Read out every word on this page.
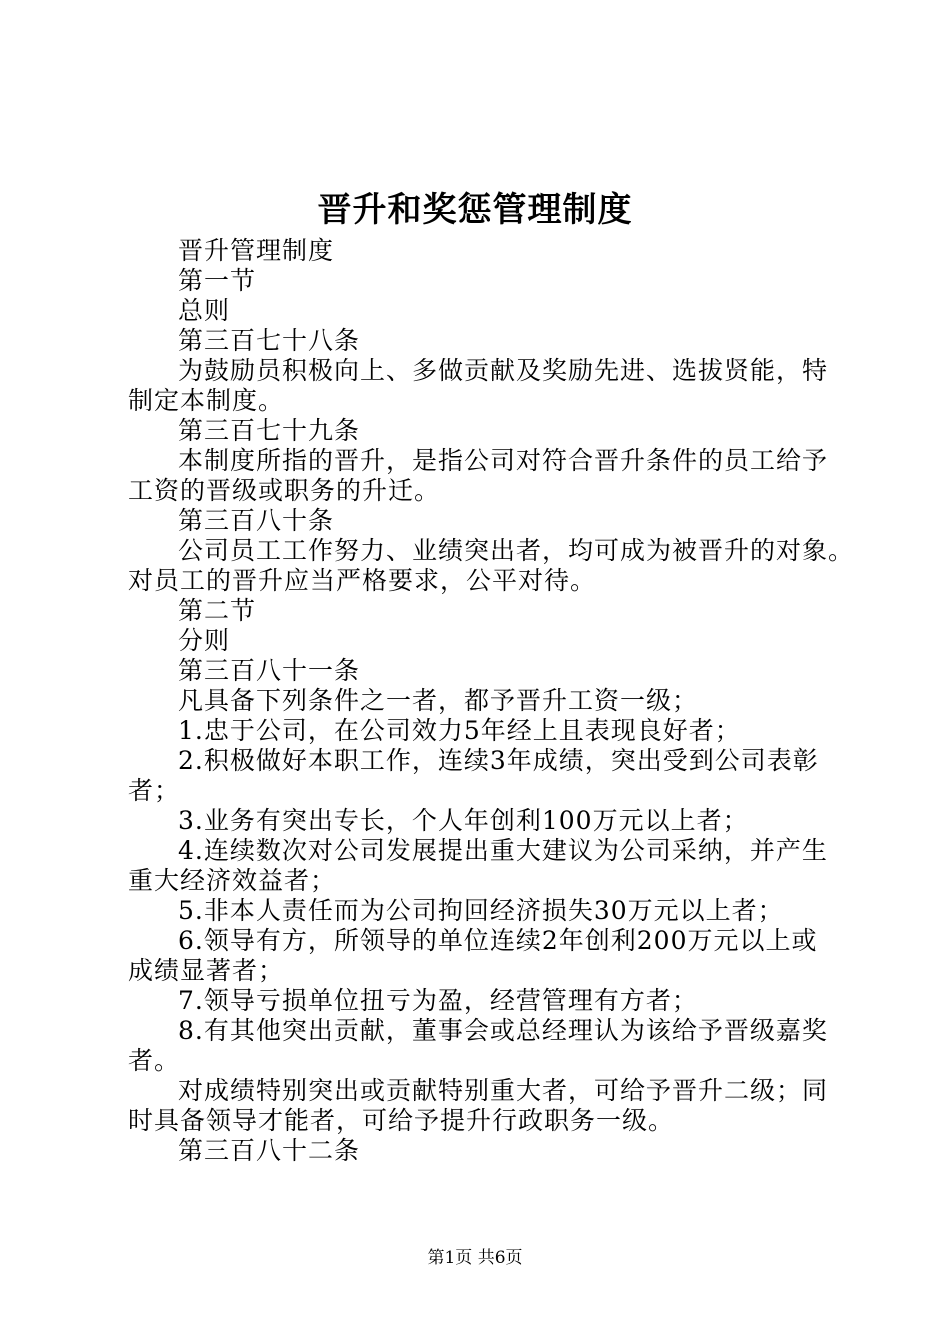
晋升和奖惩管理制度
晋升管理制度
第一节
总则
第三百七十八条
为鼓励员积极向上、多做贡献及奖励先进、选拔贤能，特
制定本制度。
第三百七十九条
本制度所指的晋升，是指公司对符合晋升条件的员工给予
工资的晋级或职务的升迁。
第三百八十条
公司员工工作努力、业绩突出者，均可成为被晋升的对象。
对员工的晋升应当严格要求，公平对待。
第二节
分则
第三百八十一条
凡具备下列条件之一者，都予晋升工资一级；
1.忠于公司，在公司效力5年经上且表现良好者；
2.积极做好本职工作，连续3年成绩，突出受到公司表彰
者；
3.业务有突出专长，个人年创利100万元以上者；
4.连续数次对公司发展提出重大建议为公司采纳，并产生
重大经济效益者；
5.非本人责任而为公司拘回经济损失30万元以上者；
6.领导有方，所领导的单位连续2年创利200万元以上或
成绩显著者；
7.领导亏损单位扭亏为盈，经营管理有方者；
8.有其他突出贡献，董事会或总经理认为该给予晋级嘉奖
者。
对成绩特别突出或贡献特别重大者，可给予晋升二级；同
时具备领导才能者，可给予提升行政职务一级。
第三百八十二条
第1页 共6页
